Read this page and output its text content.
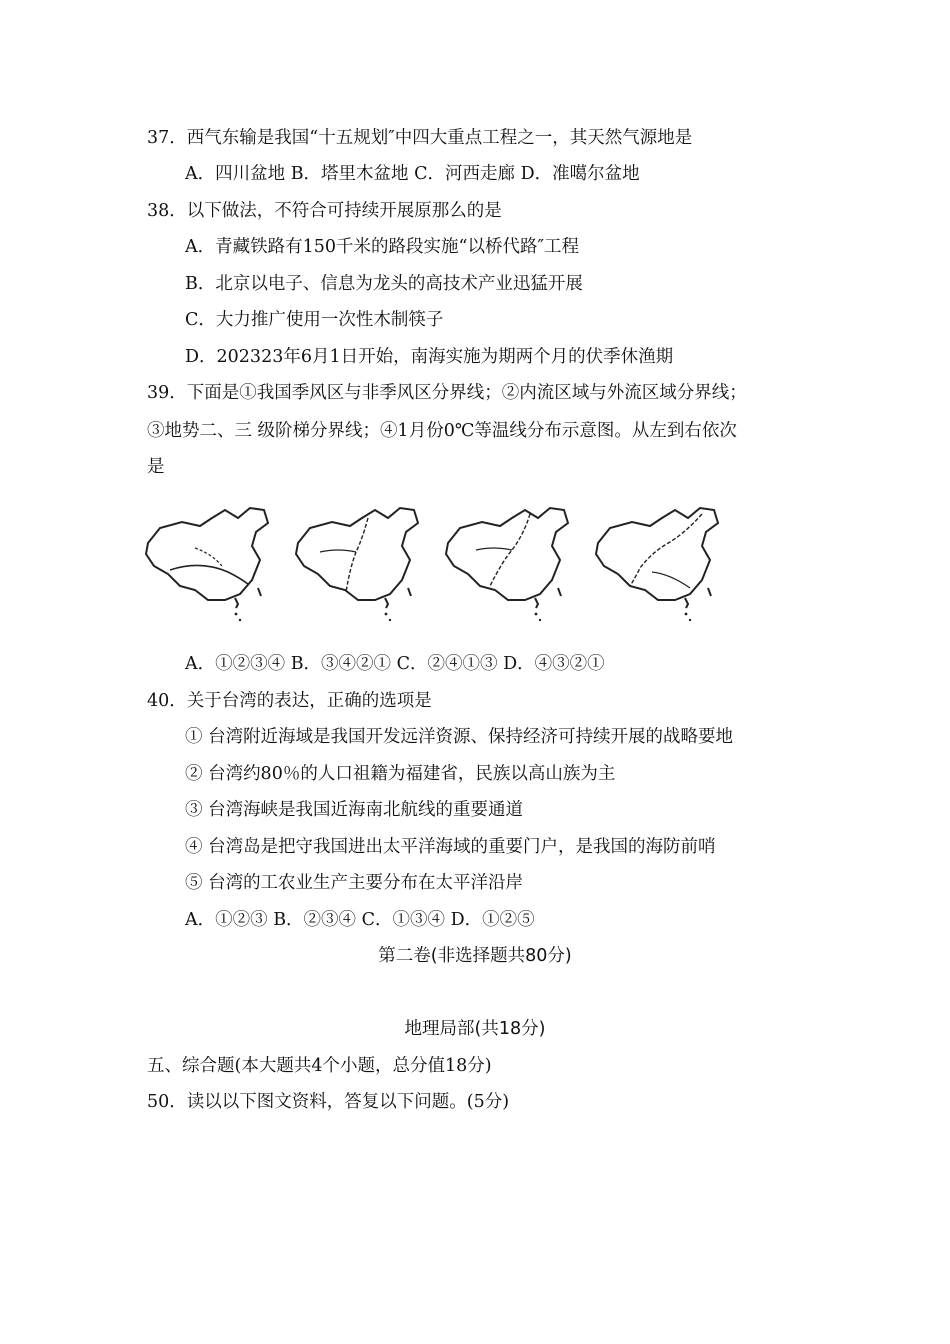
37．西气东输是我国“十五规划″中四大重点工程之一，其天然气源地是
A．四川盆地 B．塔里木盆地 C．河西走廊 D．准噶尔盆地
38．以下做法，不符合可持续开展原那么的是
A．青藏铁路有150千米的路段实施“以桥代路″工程
B．北京以电子、信息为龙头的高技术产业迅猛开展
C．大力推广使用一次性木制筷子
D．202323年6月1日开始，南海实施为期两个月的伏季休渔期
39．下面是①我国季风区与非季风区分界线；②内流区域与外流区域分界线；
③地势二、三 级阶梯分界线；④1月份0℃等温线分布示意图。从左到右依次
是
A．①②③④ B．③④②① C．②④①③ D．④③②①
40．关于台湾的表达，正确的选项是
① 台湾附近海域是我国开发远洋资源、保持经济可持续开展的战略要地
② 台湾约80％的人口祖籍为福建省，民族以高山族为主
③ 台湾海峡是我国近海南北航线的重要通道
④ 台湾岛是把守我国进出太平洋海域的重要门户，是我国的海防前哨
⑤ 台湾的工农业生产主要分布在太平洋沿岸
A．①②③ B．②③④ C．①③④ D．①②⑤
第二卷(非选择题共80分)
地理局部(共18分)
五、综合题(本大题共4个小题，总分值18分)
50．读以以下图文资料，答复以下问题。(5分)
